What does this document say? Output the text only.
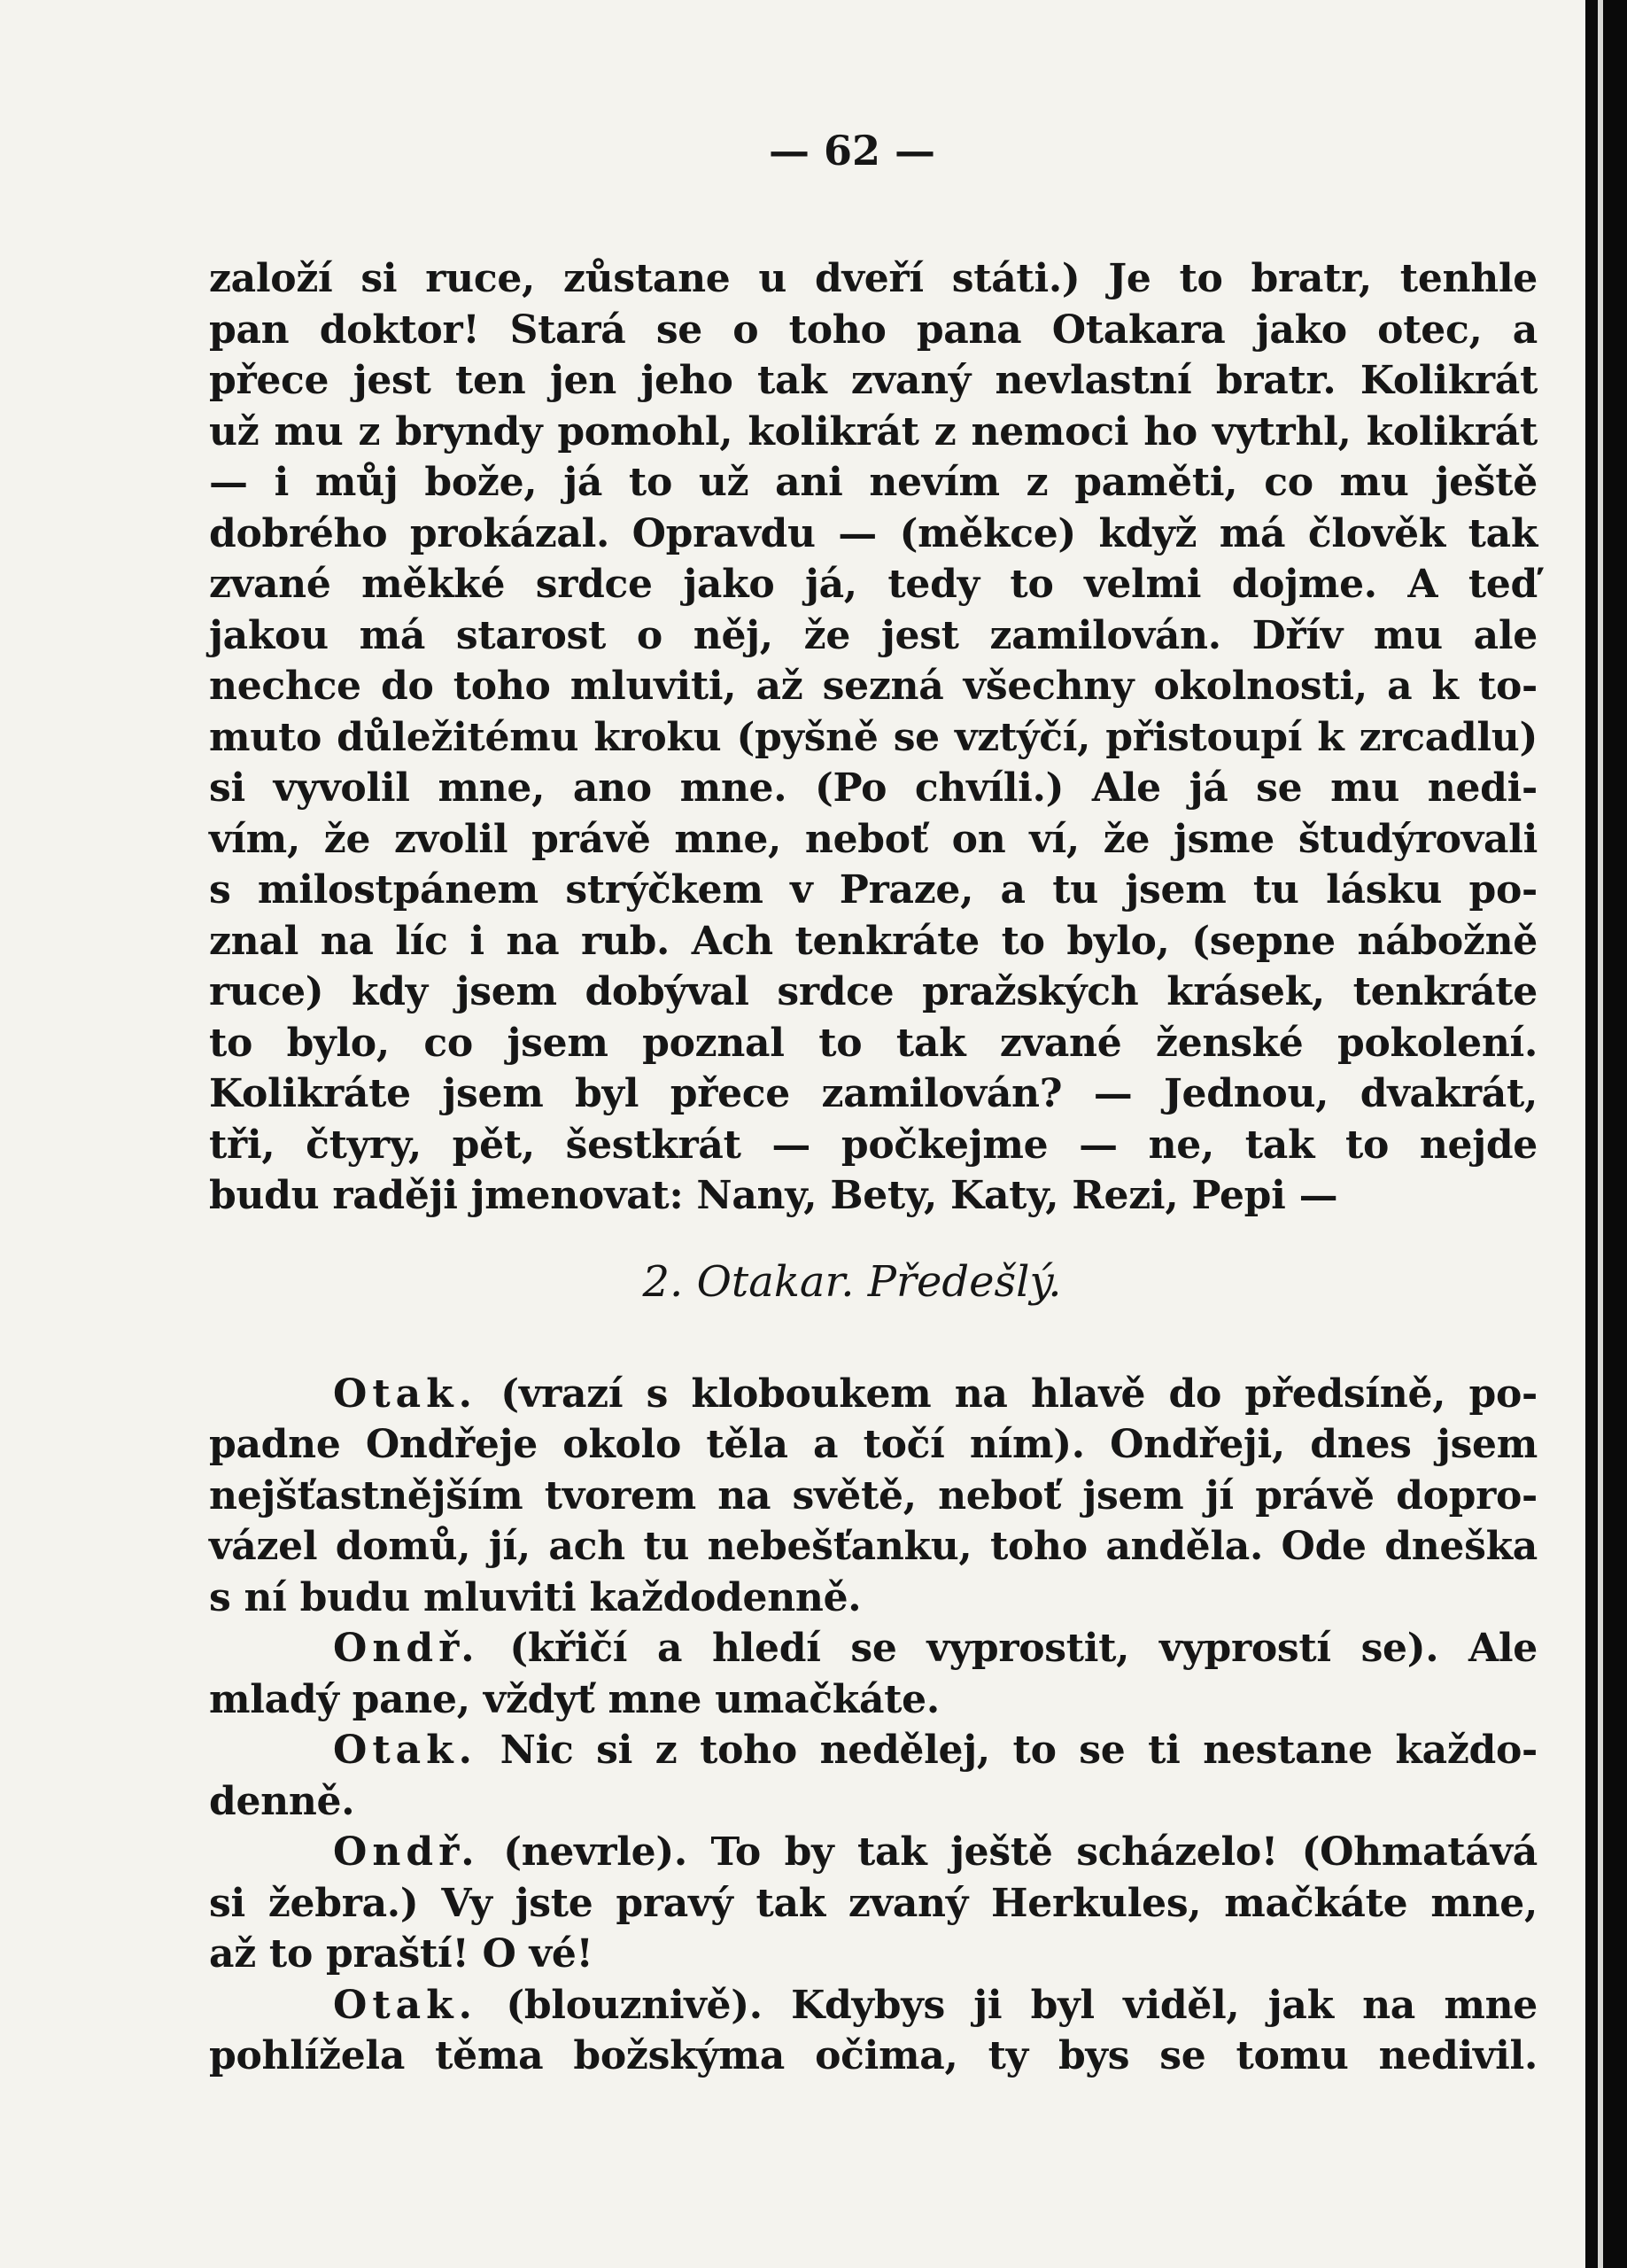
— 62 —
založí si ruce, zůstane u dveří státi.) Je to bratr, tenhle
pan doktor! Stará se o toho pana Otakara jako otec, a
přece jest ten jen jeho tak zvaný nevlastní bratr. Kolikrát
už mu z bryndy pomohl, kolikrát z nemoci ho vytrhl, kolikrát
— i můj bože, já to už ani nevím z paměti, co mu ještě
dobrého prokázal. Opravdu — (měkce) když má člověk tak
zvané měkké srdce jako já, tedy to velmi dojme. A teď
jakou má starost o něj, že jest zamilován. Dřív mu ale
nechce do toho mluviti, až sezná všechny okolnosti, a k to-
muto důležitému kroku (pyšně se vztýčí, přistoupí k zrcadlu)
si vyvolil mne, ano mne. (Po chvíli.) Ale já se mu nedi-
vím, že zvolil právě mne, neboť on ví, že jsme študýrovali
s milostpánem strýčkem v Praze, a tu jsem tu lásku po-
znal na líc i na rub. Ach tenkráte to bylo, (sepne nábožně
ruce) kdy jsem dobýval srdce pražských krásek, tenkráte
to bylo, co jsem poznal to tak zvané ženské pokolení.
Kolikráte jsem byl přece zamilován? — Jednou, dvakrát,
tři, čtyry, pět, šestkrát — počkejme — ne, tak to nejde
budu raději jmenovat: Nany, Bety, Katy, Rezi, Pepi —
2. Otakar. Předešlý.
Otak. (vrazí s kloboukem na hlavě do předsíně, po-
padne Ondřeje okolo těla a točí ním). Ondřeji, dnes jsem
nejšťastnějším tvorem na světě, neboť jsem jí právě dopro-
vázel domů, jí, ach tu nebešťanku, toho anděla. Ode dneška
s ní budu mluviti každodenně.
Ondř. (křičí a hledí se vyprostit, vyprostí se). Ale
mladý pane, vždyť mne umačkáte.
Otak. Nic si z toho nedělej, to se ti nestane každo-
denně.
Ondř. (nevrle). To by tak ještě scházelo! (Ohmatává
si žebra.) Vy jste pravý tak zvaný Herkules, mačkáte mne,
až to praští! O vé!
Otak. (blouznivě). Kdybys ji byl viděl, jak na mne
pohlížela těma božskýma očima, ty bys se tomu nedivil.
